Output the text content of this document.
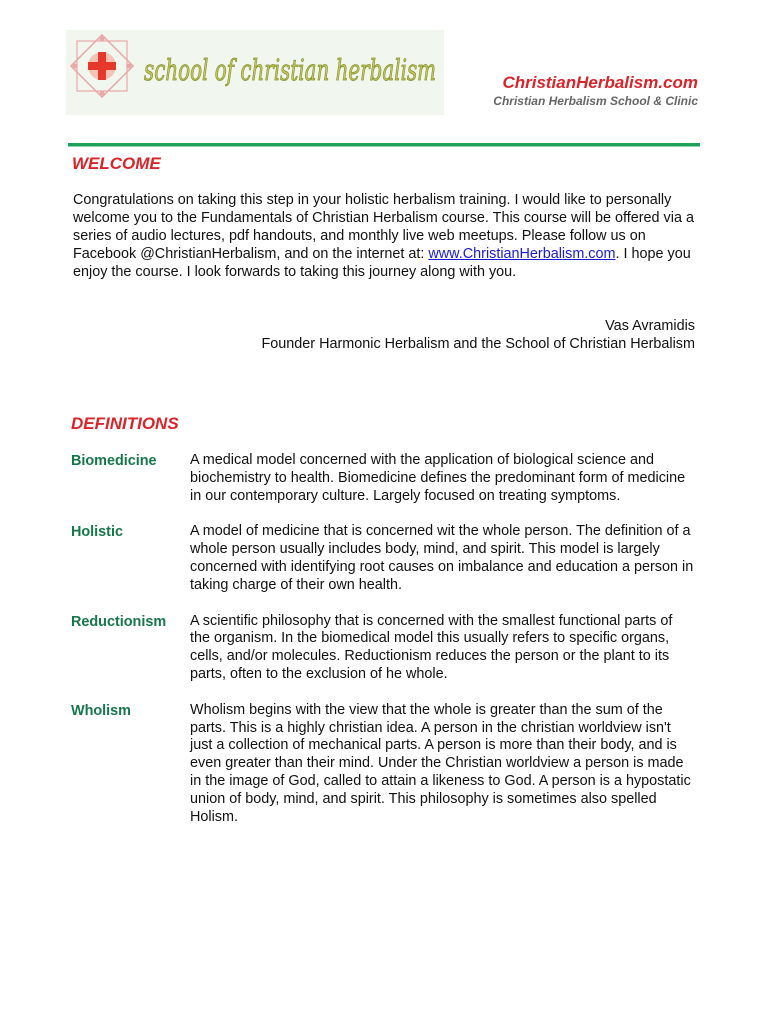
school of christian herbalism	ChristianHerbalism.com
Christian Herbalism School & Clinic
WELCOME

Congratulations on taking this step in your holistic herbalism training. I would like to personally welcome you to the Fundamentals of Christian Herbalism course. This course will be offered via a series of audio lectures, pdf handouts, and monthly live web meetups. Please follow us on Facebook @ChristianHerbalism, and on the internet at: www.ChristianHerbalism.com. I hope you enjoy the course. I look forwards to taking this journey along with you.

Vas Avramidis
Founder Harmonic Herbalism and the School of Christian Herbalism
DEFINITIONS
Biomedicine A medical model concerned with the application of biological science and biochemistry to health. Biomedicine defines the predominant form of medicine in our contemporary culture. Largely focused on treating symptoms.

Holistic	A model of medicine that is concerned wit the whole person. The definition of a whole person usually includes body, mind, and spirit. This model is largely concerned with identifying root causes on imbalance and education a person in taking charge of their own health.

Reductionism A scientific philosophy that is concerned with the smallest functional parts of the organism. In the biomedical model this usually refers to specific organs, cells, and/or molecules. Reductionism reduces the person or the plant to its parts, often to the exclusion of he whole.

Wholism	Wholism begins with the view that the whole is greater than the sum of the parts. This is a highly christian idea. A person in the christian worldview isn't just a collection of mechanical parts. A person is more than their body, and is even greater than their mind. Under the Christian worldview a person is made in the image of God, called to attain a likeness to God. A person is a hypostatic union of body, mind, and spirit. This philosophy is sometimes also spelled Holism.
